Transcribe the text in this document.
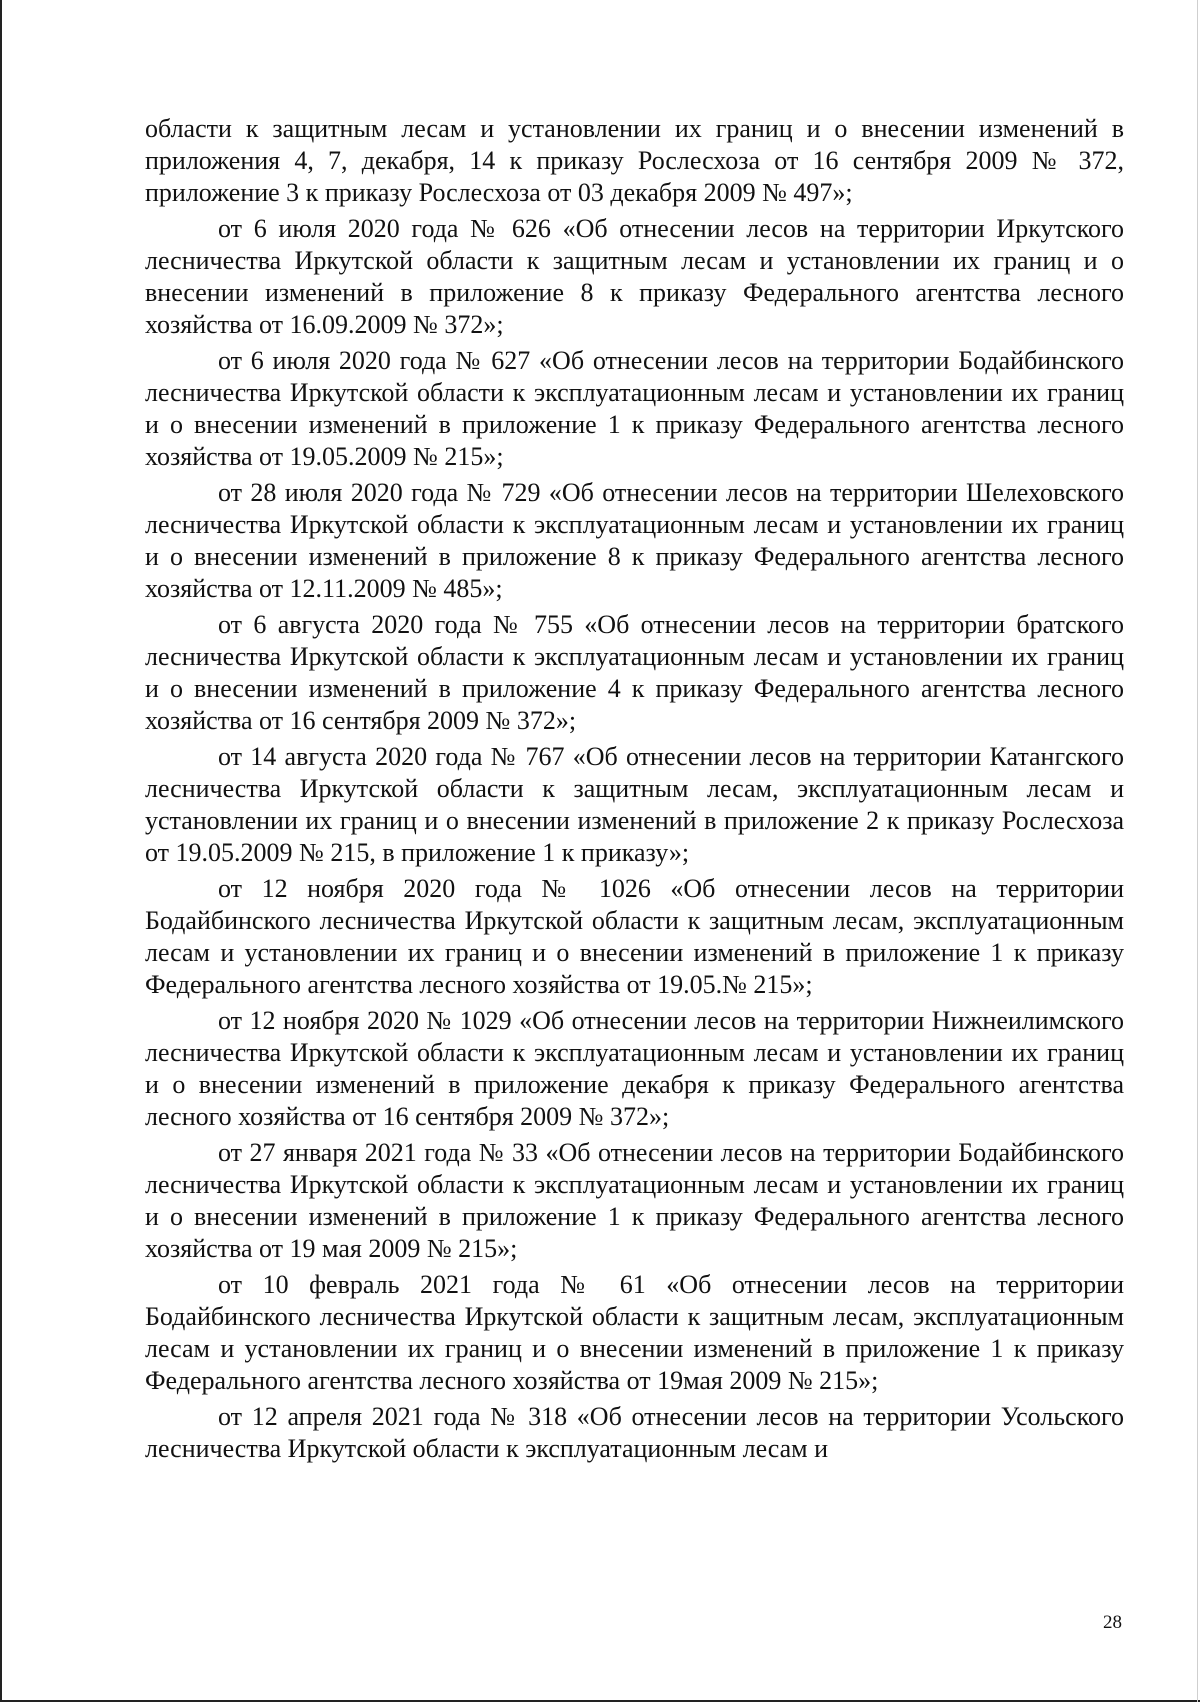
области к защитным лесам и установлении их границ и о внесении изменений в приложения 4, 7, декабря, 14 к приказу Рослесхоза от 16 сентября 2009 № 372, приложение 3 к приказу Рослесхоза от 03 декабря 2009 № 497»;

от 6 июля 2020 года № 626 «Об отнесении лесов на территории Иркутского лесничества Иркутской области к защитным лесам и установлении их границ и о внесении изменений в приложение 8 к приказу Федерального агентства лесного хозяйства от 16.09.2009 № 372»;

от 6 июля 2020 года № 627 «Об отнесении лесов на территории Бодайбинского лесничества Иркутской области к эксплуатационным лесам и установлении их границ и о внесении изменений в приложение 1 к приказу Федерального агентства лесного хозяйства от 19.05.2009 № 215»;

от 28 июля 2020 года № 729 «Об отнесении лесов на территории Шелеховского лесничества Иркутской области к эксплуатационным лесам и установлении их границ и о внесении изменений в приложение 8 к приказу Федерального агентства лесного хозяйства от 12.11.2009 № 485»;

от 6 августа 2020 года № 755 «Об отнесении лесов на территории братского лесничества Иркутской области к эксплуатационным лесам и установлении их границ и о внесении изменений в приложение 4 к приказу Федерального агентства лесного хозяйства от 16 сентября 2009 № 372»;

от 14 августа 2020 года № 767 «Об отнесении лесов на территории Катангского лесничества Иркутской области к защитным лесам, эксплуатационным лесам и установлении их границ и о внесении изменений в приложение 2 к приказу Рослесхоза от 19.05.2009 № 215, в приложение 1 к приказу»;

от 12 ноября 2020 года № 1026 «Об отнесении лесов на территории Бодайбинского лесничества Иркутской области к защитным лесам, эксплуатационным лесам и установлении их границ и о внесении изменений в приложение 1 к приказу Федерального агентства лесного хозяйства от 19.05.№ 215»;

от 12 ноября 2020 № 1029 «Об отнесении лесов на территории Нижнеилимского лесничества Иркутской области к эксплуатационным лесам и установлении их границ и о внесении изменений в приложение декабря к приказу Федерального агентства лесного хозяйства от 16 сентября 2009 № 372»;

от 27 января 2021 года № 33 «Об отнесении лесов на территории Бодайбинского лесничества Иркутской области к эксплуатационным лесам и установлении их границ и о внесении изменений в приложение 1 к приказу Федерального агентства лесного хозяйства от 19 мая 2009 № 215»;

от 10 февраль 2021 года № 61 «Об отнесении лесов на территории Бодайбинского лесничества Иркутской области к защитным лесам, эксплуатационным лесам и установлении их границ и о внесении изменений в приложение 1 к приказу Федерального агентства лесного хозяйства от 19мая 2009 № 215»;

от 12 апреля 2021 года № 318 «Об отнесении лесов на территории Усольского лесничества Иркутской области к эксплуатационным лесам и

28
